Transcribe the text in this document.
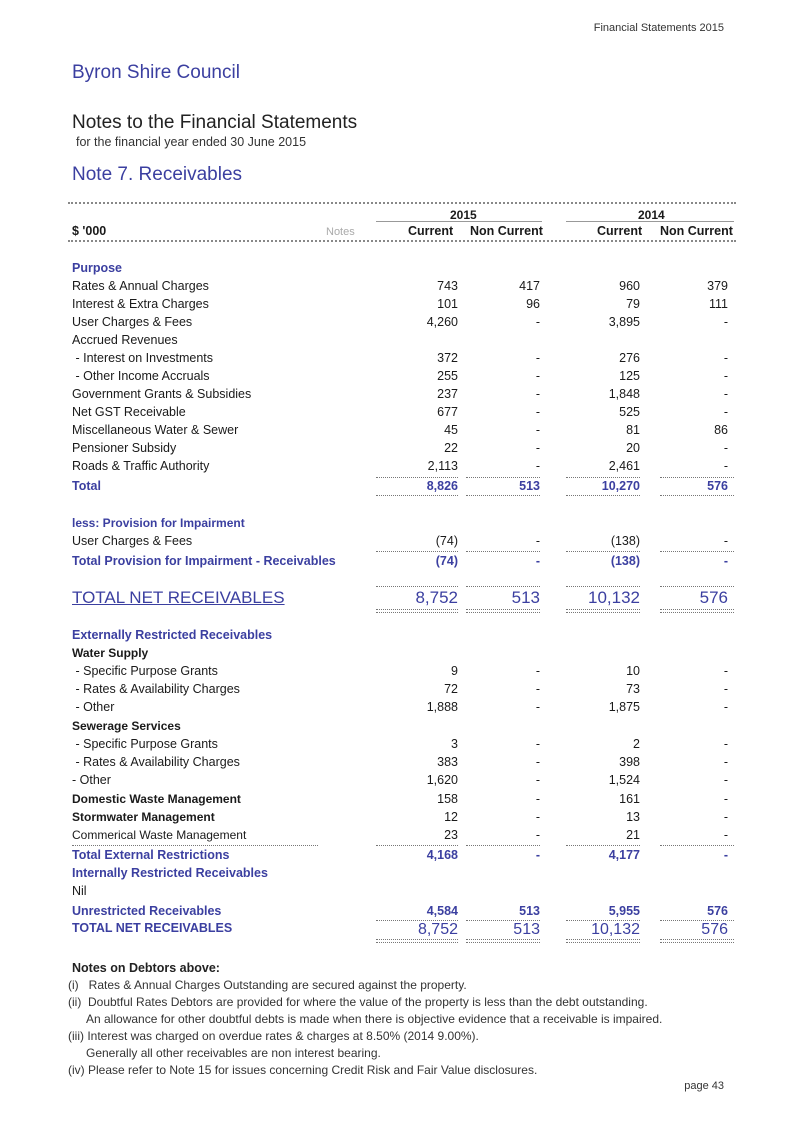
Financial Statements 2015
Byron Shire Council
Notes to the Financial Statements
for the financial year ended 30 June 2015
Note 7. Receivables
2015	2014
$ '000	Notes	Current Non Current	Current Non Current
Purpose
Rates & Annual Charges	743	417	960	379
Interest & Extra Charges	101	96	79	111
User Charges & Fees	4,260	-	3,895	-
Accrued Revenues
- Interest on Investments	372	-	276	-
- Other Income Accruals	255	-	125	-
Government Grants & Subsidies	237	-	1,848	-
Net GST Receivable	677	-	525	-
Miscellaneous Water & Sewer	45	-	81	86
Pensioner Subsidy	22	-	20	-
Roads & Traffic Authority	2,113	-	2,461	-
Total	8,826	513	10,270	576
less: Provision for Impairment
User Charges & Fees	(74)	-	(138)	-
Total Provision for Impairment - Receivables	(74)	-	(138)	-
TOTAL NET RECEIVABLES	8,752	513	10,132	576
Externally Restricted Receivables
Water Supply
- Specific Purpose Grants	9	-	10	-
- Rates & Availability Charges	72	-	73	-
- Other	1,888	-	1,875	-
Sewerage Services
- Specific Purpose Grants	3	-	2	-
- Rates & Availability Charges	383	-	398	-
- Other	1,620	-	1,524	-
Domestic Waste Management	158	-	161	-
Stormwater Management	12	-	13	-
Commerical Waste Management	23	-	21	-
Total External Restrictions	4,168	-	4,177	-
Internally Restricted Receivables
Nil
Unrestricted Receivables	4,584	513	5,955	576
TOTAL NET RECEIVABLES	8,752	513	10,132	576
Notes on Debtors above:
(i)   Rates & Annual Charges Outstanding are secured against the property.
(ii)  Doubtful Rates Debtors are provided for where the value of the property is less than the debt outstanding.
An allowance for other doubtful debts is made when there is objective evidence that a receivable is impaired.
(iii) Interest was charged on overdue rates & charges at 8.50% (2014 9.00%).
Generally all other receivables are non interest bearing.
(iv) Please refer to Note 15 for issues concerning Credit Risk and Fair Value disclosures.
page 43
